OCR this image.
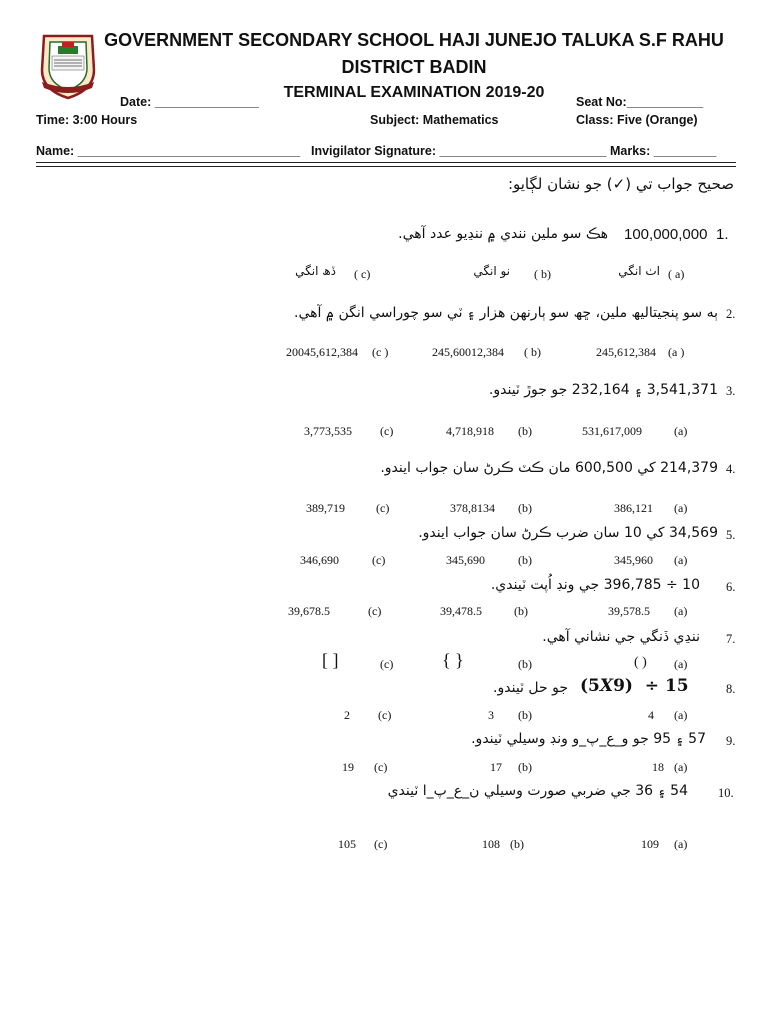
GOVERNMENT SECONDARY SCHOOL HAJI JUNEJO TALUKA S.F RAHU
DISTRICT BADIN
TERMINAL EXAMINATION 2019-20
Date: _______________	Seat No:___________
Time: 3:00 Hours	Subject: Mathematics	Class: Five (Orange)
Name: ________________________________ Invigilator Signature: ________________________ Marks: _________
صحيح جواب تي (✓) جو نشان لڳايو:
1.
100,000,000
هڪ سو ملين نندي ۾ ننڍيو عدد آهي.
( a)
اٺ انگي
( b)
نو انگي
( c)
ڏھ انگي
2.
ٻه سو پنجيتاليھ ملين، ڇھ سو ٻارنهن هزار ۽ ٽي سو چوراسي انگن ۾ آهي.
(a )
245,612,384
( b)
245,60012,384
(c )
20045,612,384
3.
3,541,371 ۽ 232,164 جو جوڙ ٽيندو.
(a)
531,617,009
(b)
4,718,918
(c)
3,773,535
4.
214,379 کي 600,500 مان ڪٽ ڪرڻ سان جواب ايندو.
(a)
386,121
(b)
378,8134
(c)
389,719
5.
34,569 کي 10 سان ضرب ڪرڻ سان جواب ايندو.
(a)
345,960
(b)
345,690
(c)
346,690
6.
10 ÷ 396,785 جي ونڊ اُپت ٽيندي.
(a)
39,578.5
(b)
39,478.5
(c)
39,678.5
7.
ننڍي ڏنگي جي نشاني آهي.
(a)
( )
(b)
{ }
(c)
[ ]
8.
(5X9)  ÷ 15
جو حل ٽيندو.
(a)
4
(b)
3
(c)
2
9.
57 ۽ 95 جو و_ع_پ_و ونڊ وسيلي ٽيندو.
(a)
18
(b)
17
(c)
19
10.
54 ۽ 36 جي ضربي صورت وسيلي ن_ع_پ_ا ٽيندي
(a)
109
(b)
108
(c)
105
